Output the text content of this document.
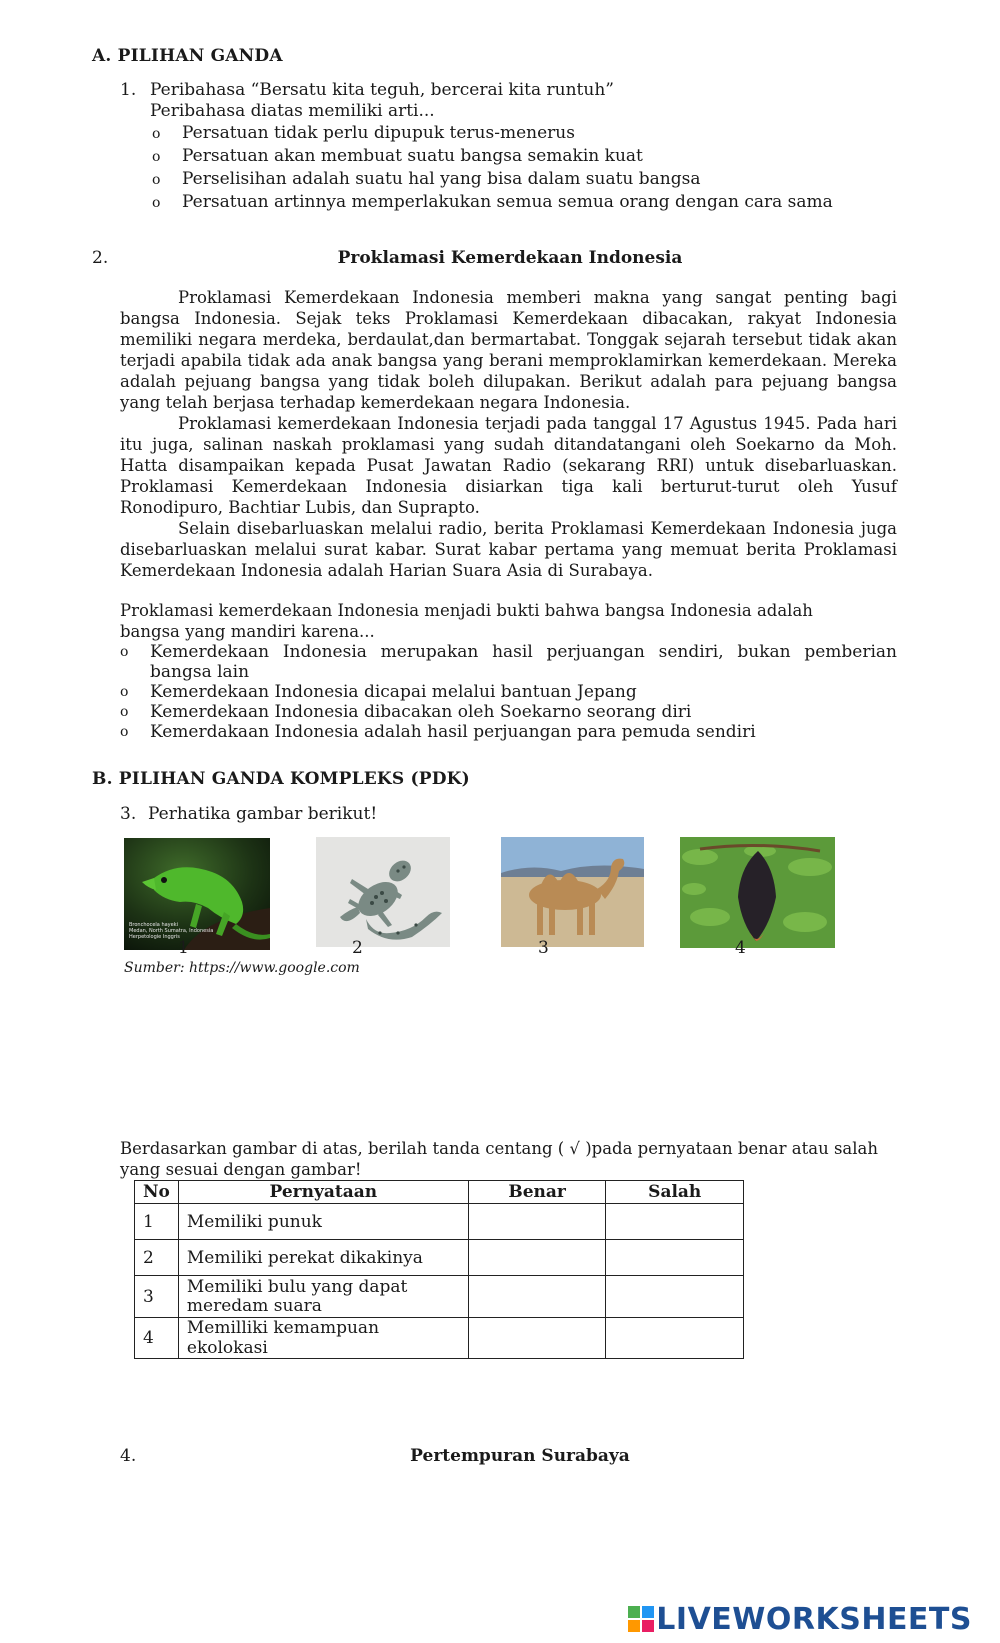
A. PILIHAN GANDA
1. Peribahasa “Bersatu kita teguh, bercerai kita runtuh”
Peribahasa diatas memiliki arti...
o Persatuan tidak perlu dipupuk terus-menerus
o Persatuan akan membuat suatu bangsa semakin kuat
o Perselisihan adalah suatu hal yang bisa dalam suatu bangsa
o Persatuan artinnya memperlakukan semua semua orang dengan cara sama
2.	Proklamasi Kemerdekaan Indonesia

Proklamasi Kemerdekaan Indonesia memberi makna yang sangat penting bagi bangsa Indonesia. Sejak teks Proklamasi Kemerdekaan dibacakan, rakyat Indonesia memiliki negara merdeka, berdaulat,dan bermartabat. Tonggak sejarah tersebut tidak akan terjadi apabila tidak ada anak bangsa yang berani memproklamirkan kemerdekaan. Mereka adalah pejuang bangsa yang tidak boleh dilupakan. Berikut adalah para pejuang bangsa yang telah berjasa terhadap kemerdekaan negara Indonesia.

Proklamasi kemerdekaan Indonesia terjadi pada tanggal 17 Agustus 1945. Pada hari itu juga, salinan naskah proklamasi yang sudah ditandatangani oleh Soekarno da Moh. Hatta disampaikan kepada Pusat Jawatan Radio (sekarang RRI) untuk disebarluaskan. Proklamasi Kemerdekaan Indonesia disiarkan tiga kali berturut-turut oleh Yusuf Ronodipuro, Bachtiar Lubis, dan Suprapto.

Selain disebarluaskan melalui radio, berita Proklamasi Kemerdekaan Indonesia juga disebarluaskan melalui surat kabar. Surat kabar pertama yang memuat berita Proklamasi Kemerdekaan Indonesia adalah Harian Suara Asia di Surabaya.

Proklamasi kemerdekaan Indonesia menjadi bukti bahwa bangsa Indonesia adalah bangsa yang mandiri karena...
o	Kemerdekaan Indonesia merupakan hasil perjuangan sendiri, bukan pemberian bangsa lain
o	Kemerdekaan Indonesia dicapai melalui bantuan Jepang
o	Kemerdekaan Indonesia dibacakan oleh Soekarno seorang diri
o	Kemerdakaan Indonesia adalah hasil perjuangan para pemuda sendiri
B. PILIHAN GANDA KOMPLEKS (PDK)
3. Perhatika gambar berikut!
Bronchocela hayeki
Medan, North Sumatra, Indonesia
Herpetologie Inggris
1	2	3	4
Sumber: https://www.google.com
Berdasarkan gambar di atas, berilah tanda centang ( √ )pada pernyataan benar atau salah yang sesuai dengan gambar!
No	Pernyataan	Benar	Salah
1	Memiliki punuk		
2	Memiliki perekat dikakinya		
3	Memiliki bulu yang dapat meredam suara		
4	Memilliki kemampuan ekolokasi		
4.	Pertempuran Surabaya
LIVEWORKSHEETS
